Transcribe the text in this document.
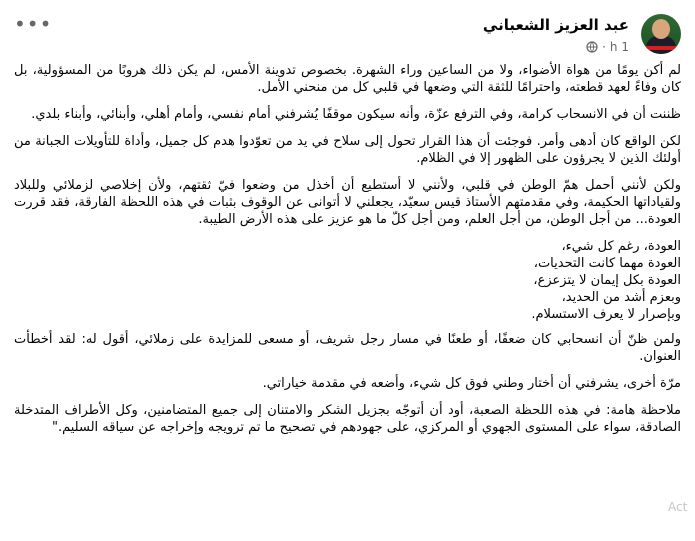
•••	عبد العزيز الشعباني
1 h
·

لم أكن يومًا من هواة الأضواء، ولا من الساعين وراء الشهرة. بخصوص تدوينة الأمس، لم يكن ذلك هروبًا من المسؤولية، بل كان وفاءً لعهد قطعته، واحترامًا للثقة التي وضعها في قلبي كل من منحني الأمل.

ظننت أن في الانسحاب كرامة، وفي الترفع عزّة، وأنه سيكون موقفًا يُشرفني أمام نفسي، وأمام أهلي، وأبنائي، وأبناء بلدي.

لكن الواقع كان أدهى وأمر. فوجئت أن هذا القرار تحول إلى سلاح في يد من تعوّدوا هدم كل جميل، وأداة للتأويلات الجبانة من أولئك الذين لا يجرؤون على الظهور إلا في الظلام.

ولكن لأنني أحمل همّ الوطن في قلبي، ولأنني لا أستطيع أن أخذل من وضعوا فيّ ثقتهم، ولأن إخلاصي لزملائي وللبلاد ولقياداتها الحكيمة، وفي مقدمتهم الأستاذ قيس سعيّد، يجعلني لا أتوانى عن الوقوف بثبات في هذه اللحظة الفارقة، فقد قررت العودة... من أجل الوطن، من أجل العلم، ومن أجل كلّ ما هو عزيز على هذه الأرض الطيبة.

العودة، رغم كل شيء،
العودة مهما كانت التحديات،
العودة بكل إيمان لا يتزعزع،
وبعزم أشد من الحديد،
وبإصرار لا يعرف الاستسلام.

ولمن ظنّ أن انسحابي كان ضعفًا، أو طعنًا في مسار رجل شريف، أو مسعى للمزايدة على زملائي، أقول له: لقد أخطأت العنوان.

مرّة أخرى، يشرفني أن أختار وطني فوق كل شيء، وأضعه في مقدمة خياراتي.

ملاحظة هامة: في هذه اللحظة الصعبة، أود أن أتوجّه بجزيل الشكر والامتنان إلى جميع المتضامنين، وكل الأطراف المتدخلة الصادقة، سواء على المستوى الجهوي أو المركزي، على جهودهم في تصحيح ما تم ترويجه وإخراجه عن سياقه السليم."

Act
